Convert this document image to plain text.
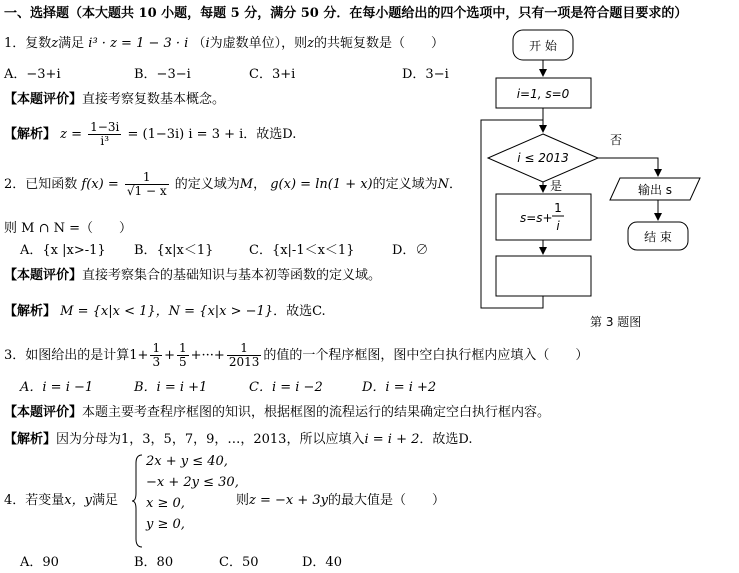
一、选择题（本大题共 10 小题，每题 5 分，满分 50 分．在每小题给出的四个选项中，只有一项是符合题目要求的）
1．复数z满足 i³ · z = 1 − 3 · i （i为虚数单位），则z的共轭复数是（　　）
A．−3+i	B．−3−i	C．3+i	D．3−i
【本题评价】直接考察复数基本概念。
【解析】 $z = \frac{1-3i}{\text{i³}} = (1-3i) i = 3 + i$．故选D.
2．已知函数 $f(x) = \frac{1}{√1 - x}$ 的定义域为M， g(x) = ln(1 + x)的定义域为N．
则 M ∩ N =（　　）
A．{x |x>-1} B．{x|x＜1}	C．{x|-1＜x＜1}	D．∅
【本题评价】直接考察集合的基础知识与基本初等函数的定义域。
【解析】 M = {x|x < 1}，N = {x|x > −1}．故选C.
3．如图给出的是计算$1+ \frac{1}{3} + \frac{1}{5}$ +···+ $\frac{1}{2013}$ 的值的一个程序框图，图中空白执行框内应填入（　　）
A．i = i −1	B．i = i +1	C．i = i −2	D．i = i +2
【本题评价】本题主要考查程序框图的知识，根据框图的流程运行的结果确定空白执行框内容。
【解析】因为分母为1，3，5，7，9，…，2013，所以应填入i = i + 2．故选D.
4．若变量x，y满足
2x + y ≤ 40,
−x + 2y ≤ 30,
x ≥ 0,
y ≥ 0,
则z = −x + 3y的最大值是（　　）
A．90	B．80	C．50	D．40
开 始
i=1, s=0
i ≤ 2013
否
是
s=s+
1
i
输出 s
结 束
第 3 题图
